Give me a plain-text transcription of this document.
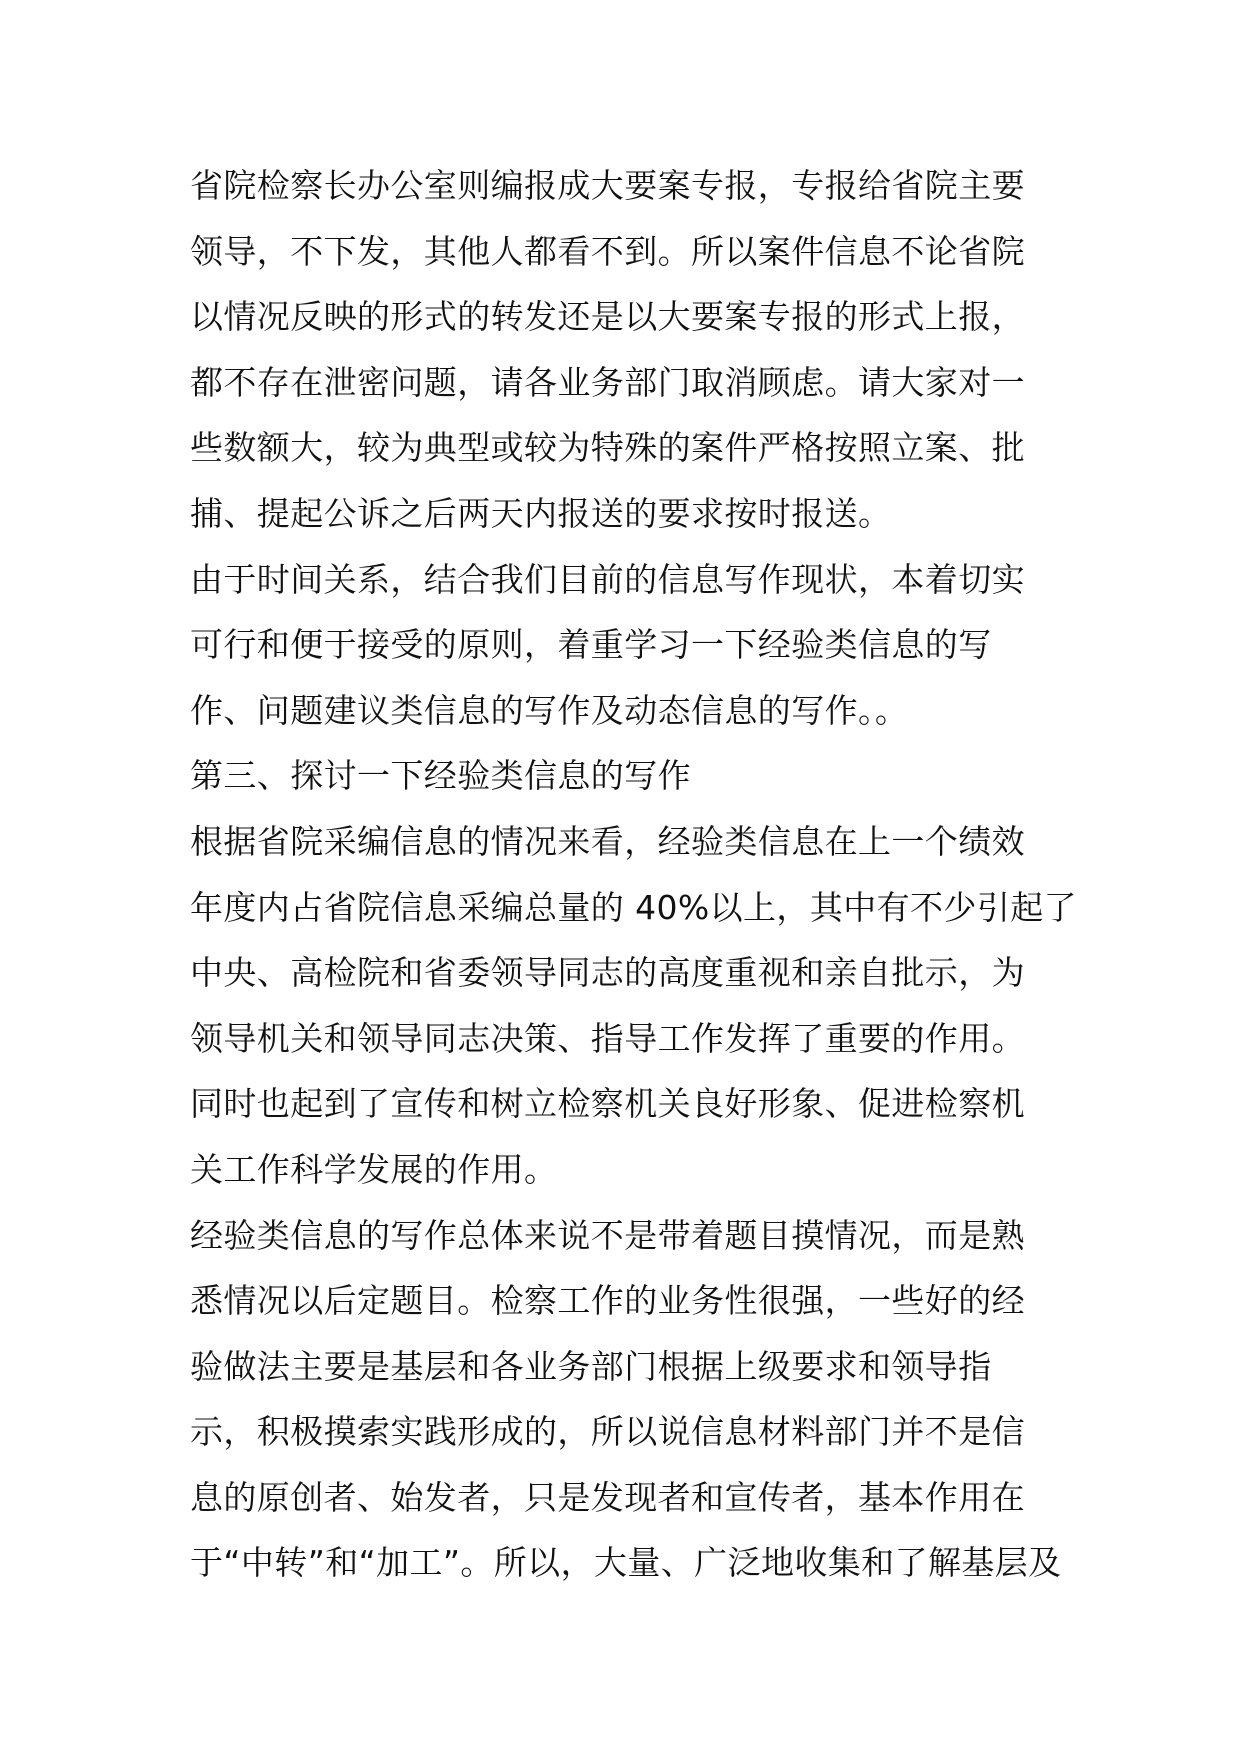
省院检察长办公室则编报成大要案专报，专报给省院主要
领导，不下发，其他人都看不到。所以案件信息不论省院
以情况反映的形式的转发还是以大要案专报的形式上报，
都不存在泄密问题，请各业务部门取消顾虑。请大家对一
些数额大，较为典型或较为特殊的案件严格按照立案、批
捕、提起公诉之后两天内报送的要求按时报送。
由于时间关系，结合我们目前的信息写作现状，本着切实
可行和便于接受的原则，着重学习一下经验类信息的写
作、问题建议类信息的写作及动态信息的写作。。
第三、探讨一下经验类信息的写作
根据省院采编信息的情况来看，经验类信息在上一个绩效
年度内占省院信息采编总量的 40%以上，其中有不少引起了
中央、高检院和省委领导同志的高度重视和亲自批示，为
领导机关和领导同志决策、指导工作发挥了重要的作用。
同时也起到了宣传和树立检察机关良好形象、促进检察机
关工作科学发展的作用。
经验类信息的写作总体来说不是带着题目摸情况，而是熟
悉情况以后定题目。检察工作的业务性很强，一些好的经
验做法主要是基层和各业务部门根据上级要求和领导指
示，积极摸索实践形成的，所以说信息材料部门并不是信
息的原创者、始发者，只是发现者和宣传者，基本作用在
于“中转”和“加工”。所以，大量、广泛地收集和了解基层及
